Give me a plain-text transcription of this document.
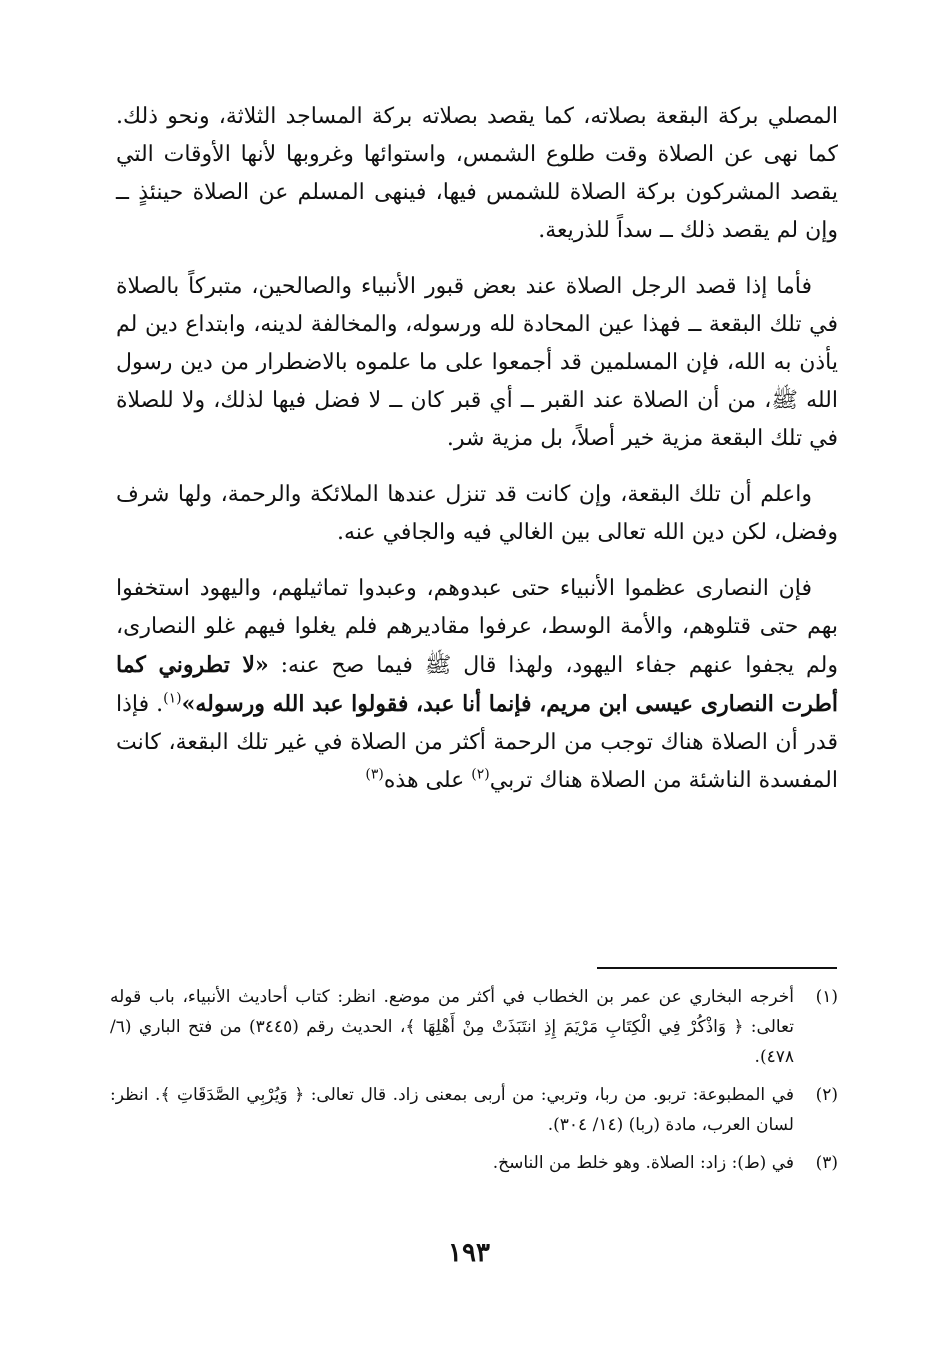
المصلي بركة البقعة بصلاته، كما يقصد بصلاته بركة المساجد الثلاثة، ونحو ذلك. كما نهى عن الصلاة وقت طلوع الشمس، واستوائها وغروبها لأنها الأوقات التي يقصد المشركون بركة الصلاة للشمس فيها، فينهى المسلم عن الصلاة حينئذٍ ــ وإن لم يقصد ذلك ــ سداً للذريعة.

فأما إذا قصد الرجل الصلاة عند بعض قبور الأنبياء والصالحين، متبركاً بالصلاة في تلك البقعة ــ فهذا عين المحادة لله ورسوله، والمخالفة لدينه، وابتداع دين لم يأذن به الله، فإن المسلمين قد أجمعوا على ما علموه بالاضطرار من دين رسول الله ﷺ، من أن الصلاة عند القبر ــ أي قبر كان ــ لا فضل فيها لذلك، ولا للصلاة في تلك البقعة مزية خير أصلاً، بل مزية شر.

واعلم أن تلك البقعة، وإن كانت قد تنزل عندها الملائكة والرحمة، ولها شرف وفضل، لكن دين الله تعالى بين الغالي فيه والجافي عنه.

فإن النصارى عظموا الأنبياء حتى عبدوهم، وعبدوا تماثيلهم، واليهود استخفوا بهم حتى قتلوهم، والأمة الوسط، عرفوا مقاديرهم فلم يغلوا فيهم غلو النصارى، ولم يجفوا عنهم جفاء اليهود، ولهذا قال ﷺ فيما صح عنه: «لا تطروني كما أطرت النصارى عيسى ابن مريم، فإنما أنا عبد، فقولوا عبد الله ورسوله»$^{(١)}$. فإذا قدر أن الصلاة هناك توجب من الرحمة أكثر من الصلاة في غير تلك البقعة، كانت المفسدة الناشئة من الصلاة هناك تربي$^{(٢)}$ على هذه$^{(٣)}$

(١)
أخرجه البخاري عن عمر بن الخطاب في أكثر من موضع. انظر: كتاب أحاديث الأنبياء، باب قوله تعالى: ﴿ وَاذْكُرْ فِي الْكِتَابِ مَرْيَمَ إِذِ انتَبَذَتْ مِنْ أَهْلِهَا ﴾، الحديث رقم (٣٤٤٥) من فتح الباري (٦/ ٤٧٨).
(٢)
في المطبوعة: تربو. من ربا، وتربي: من أربى بمعنى زاد. قال تعالى: ﴿ وَيُرْبِي الصَّدَقَاتِ ﴾. انظر: لسان العرب، مادة (ربا) (١٤/ ٣٠٤).
(٣)
في (ط): زاد: الصلاة. وهو خلط من الناسخ.
١٩٣
